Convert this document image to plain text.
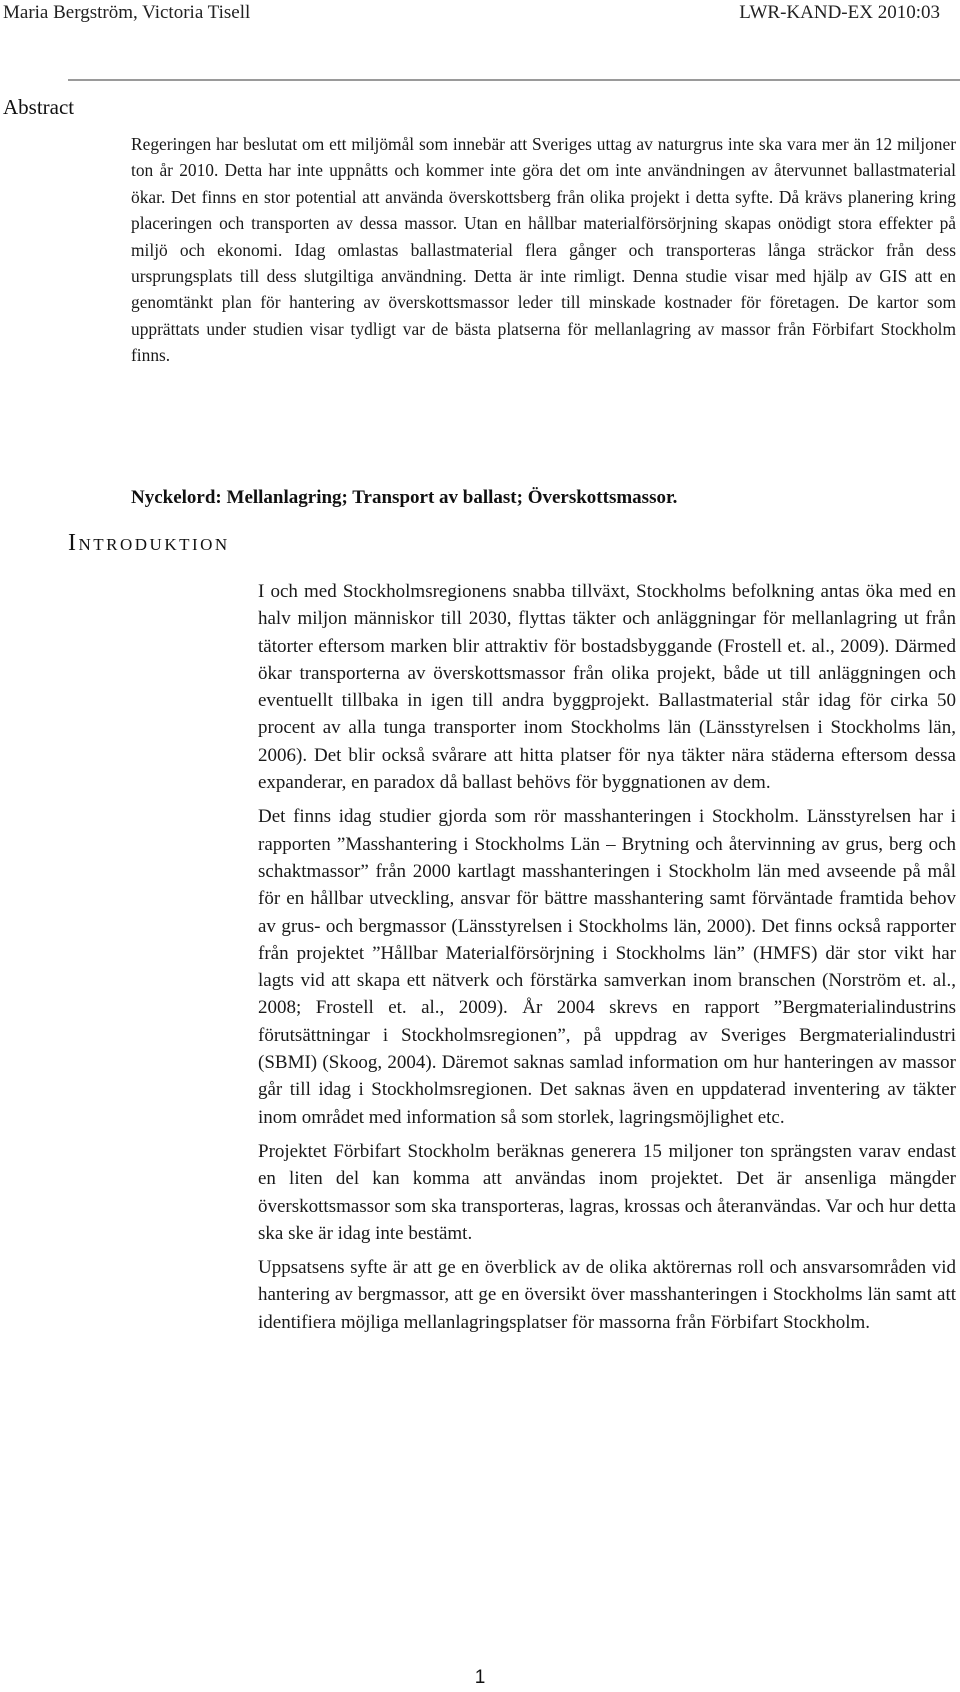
Maria Bergström, Victoria Tisell	LWR-KAND-EX 2010:03
Abstract

Regeringen har beslutat om ett miljömål som innebär att Sveriges uttag av naturgrus inte ska vara mer än 12 miljoner ton år 2010. Detta har inte uppnåtts och kommer inte göra det om inte användningen av återvunnet ballastmaterial ökar. Det finns en stor potential att använda överskottsberg från olika projekt i detta syfte. Då krävs planering kring placeringen och transporten av dessa massor. Utan en hållbar materialförsörjning skapas onödigt stora effekter på miljö och ekonomi. Idag omlastas ballastmaterial flera gånger och transporteras långa sträckor från dess ursprungsplats till dess slutgiltiga användning. Detta är inte rimligt. Denna studie visar med hjälp av GIS att en genomtänkt plan för hantering av överskottsmassor leder till minskade kostnader för företagen. De kartor som upprättats under studien visar tydligt var de bästa platserna för mellanlagring av massor från Förbifart Stockholm finns.

Nyckelord: Mellanlagring; Transport av ballast; Överskottsmassor.
Introduktion

I och med Stockholmsregionens snabba tillväxt, Stockholms befolkning antas öka med en halv miljon människor till 2030, flyttas täkter och anläggningar för mellanlagring ut från tätorter eftersom marken blir attraktiv för bostadsbyggande (Frostell et. al., 2009). Därmed ökar transporterna av överskottsmassor från olika projekt, både ut till anläggningen och eventuellt tillbaka in igen till andra byggprojekt. Ballastmaterial står idag för cirka 50 procent av alla tunga transporter inom Stockholms län (Länsstyrelsen i Stockholms län, 2006). Det blir också svårare att hitta platser för nya täkter nära städerna eftersom dessa expanderar, en paradox då ballast behövs för byggnationen av dem.

Det finns idag studier gjorda som rör masshanteringen i Stockholm. Länsstyrelsen har i rapporten ”Masshantering i Stockholms Län – Brytning och återvinning av grus, berg och schaktmassor” från 2000 kartlagt masshanteringen i Stockholm län med avseende på mål för en hållbar utveckling, ansvar för bättre masshantering samt förväntade framtida behov av grus- och bergmassor (Länsstyrelsen i Stockholms län, 2000). Det finns också rapporter från projektet ”Hållbar Materialförsörjning i Stockholms län” (HMFS) där stor vikt har lagts vid att skapa ett nätverk och förstärka samverkan inom branschen (Norström et. al., 2008; Frostell et. al., 2009). År 2004 skrevs en rapport ”Bergmaterialindustrins förutsättningar i Stockholmsregionen”, på uppdrag av Sveriges Bergmaterialindustri (SBMI) (Skoog, 2004). Däremot saknas samlad information om hur hanteringen av massor går till idag i Stockholmsregionen. Det saknas även en uppdaterad inventering av täkter inom området med information så som storlek, lagringsmöjlighet etc.

Projektet Förbifart Stockholm beräknas generera 15 miljoner ton sprängsten varav endast en liten del kan komma att användas inom projektet. Det är ansenliga mängder överskottsmassor som ska transporteras, lagras, krossas och återanvändas. Var och hur detta ska ske är idag inte bestämt.

Uppsatsens syfte är att ge en överblick av de olika aktörernas roll och ansvarsområden vid hantering av bergmassor, att ge en översikt över masshanteringen i Stockholms län samt att identifiera möjliga mellanlagringsplatser för massorna från Förbifart Stockholm.

1
